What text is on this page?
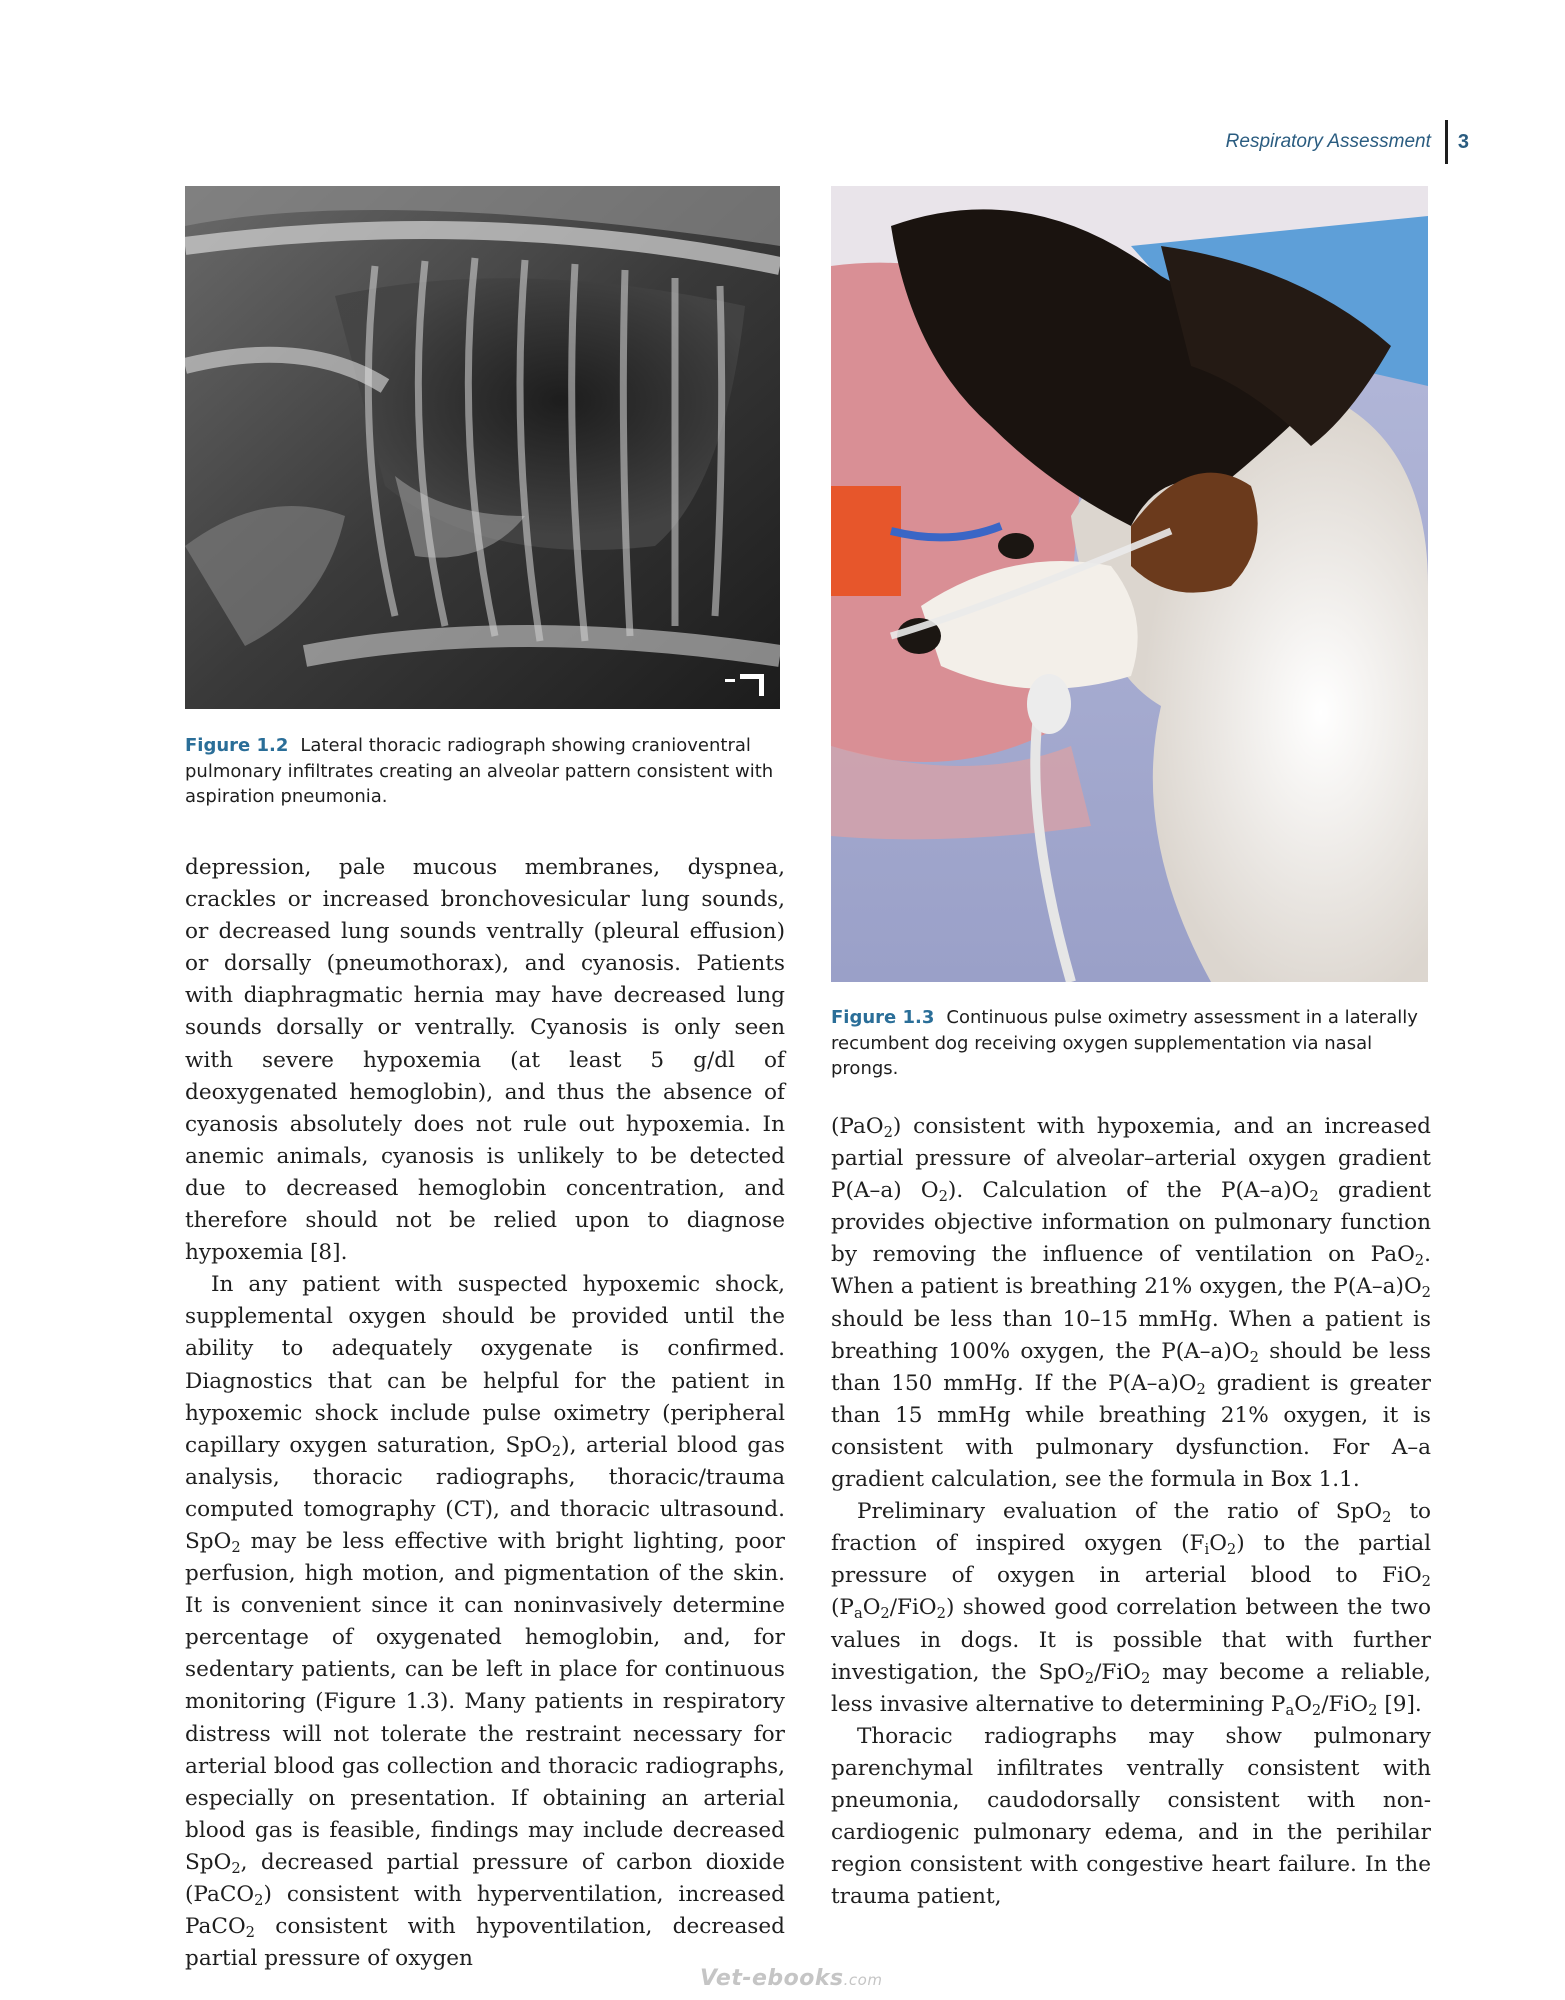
Respiratory Assessment 3
Figure 1.2 Lateral thoracic radiograph showing cranioventral pulmonary infiltrates creating an alveolar pattern consistent with aspiration pneumonia.
Figure 1.3 Continuous pulse oximetry assessment in a laterally recumbent dog receiving oxygen supplementation via nasal prongs.

depression, pale mucous membranes, dyspnea, crackles or increased bronchovesicular lung sounds, or decreased lung sounds ventrally (pleural effusion) or dorsally (pneumothorax), and cyanosis. Patients with diaphragmatic hernia may have decreased lung sounds dorsally or ventrally. Cyanosis is only seen with severe hypoxemia (at least 5 g/dl of deoxygenated hemoglobin), and thus the absence of cyanosis absolutely does not rule out hypoxemia. In anemic animals, cyanosis is unlikely to be detected due to decreased hemoglobin concentration, and therefore should not be relied upon to diagnose hypoxemia [8].

In any patient with suspected hypoxemic shock, supplemental oxygen should be provided until the ability to adequately oxygenate is confirmed. Diagnostics that can be helpful for the patient in hypoxemic shock include pulse oximetry (peripheral capillary oxygen saturation, SpO$_2$), arterial blood gas analysis, thoracic radiographs, thoracic/trauma computed tomography (CT), and thoracic ultrasound. SpO$_2$ may be less effective with bright lighting, poor perfusion, high motion, and pigmentation of the skin. It is convenient since it can noninvasively determine percentage of oxygenated hemoglobin, and, for sedentary patients, can be left in place for continuous monitoring (Figure 1.3). Many patients in respiratory distress will not tolerate the restraint necessary for arterial blood gas collection and thoracic radiographs, especially on presentation. If obtaining an arterial blood gas is feasible, findings may include decreased SpO$_2$, decreased partial pressure of carbon dioxide (PaCO$_2$) consistent with hyperventilation, increased PaCO$_2$ consistent with hypoventilation, decreased partial pressure of oxygen

(PaO$_2$) consistent with hypoxemia, and an increased partial pressure of alveolar–arterial oxygen gradient P(A–a) $O_2$). Calculation of the $P(A-a)O_2$ gradient provides objective information on pulmonary function by removing the influence of ventilation on PaO$_2$. When a patient is breathing 21% oxygen, the $P(A-a)O_2$ should be less than 10–15 mmHg. When a patient is breathing 100% oxygen, the $P(A-a)O_2$ should be less than 150 mmHg. If the $P(A-a)O_2$ gradient is greater than 15 mmHg while breathing 21% oxygen, it is consistent with pulmonary dysfunction. For A–a gradient calculation, see the formula in Box 1.1.

Preliminary evaluation of the ratio of SpO$_2$ to fraction of inspired oxygen $(F_iO_2)$ to the partial pressure of oxygen in arterial blood to FiO$_2$ $(P_aO_2/FiO_2)$ showed good correlation between the two values in dogs. It is possible that with further investigation, the SpO$_2$/FiO$_2$ may become a reliable, less invasive alternative to determining $P_aO_2/FiO_2$ [9].

Thoracic radiographs may show pulmonary parenchymal infiltrates ventrally consistent with pneumonia, caudodorsally consistent with non-cardiogenic pulmonary edema, and in the perihilar region consistent with congestive heart failure. In the trauma patient,

Vet-ebooks.com
